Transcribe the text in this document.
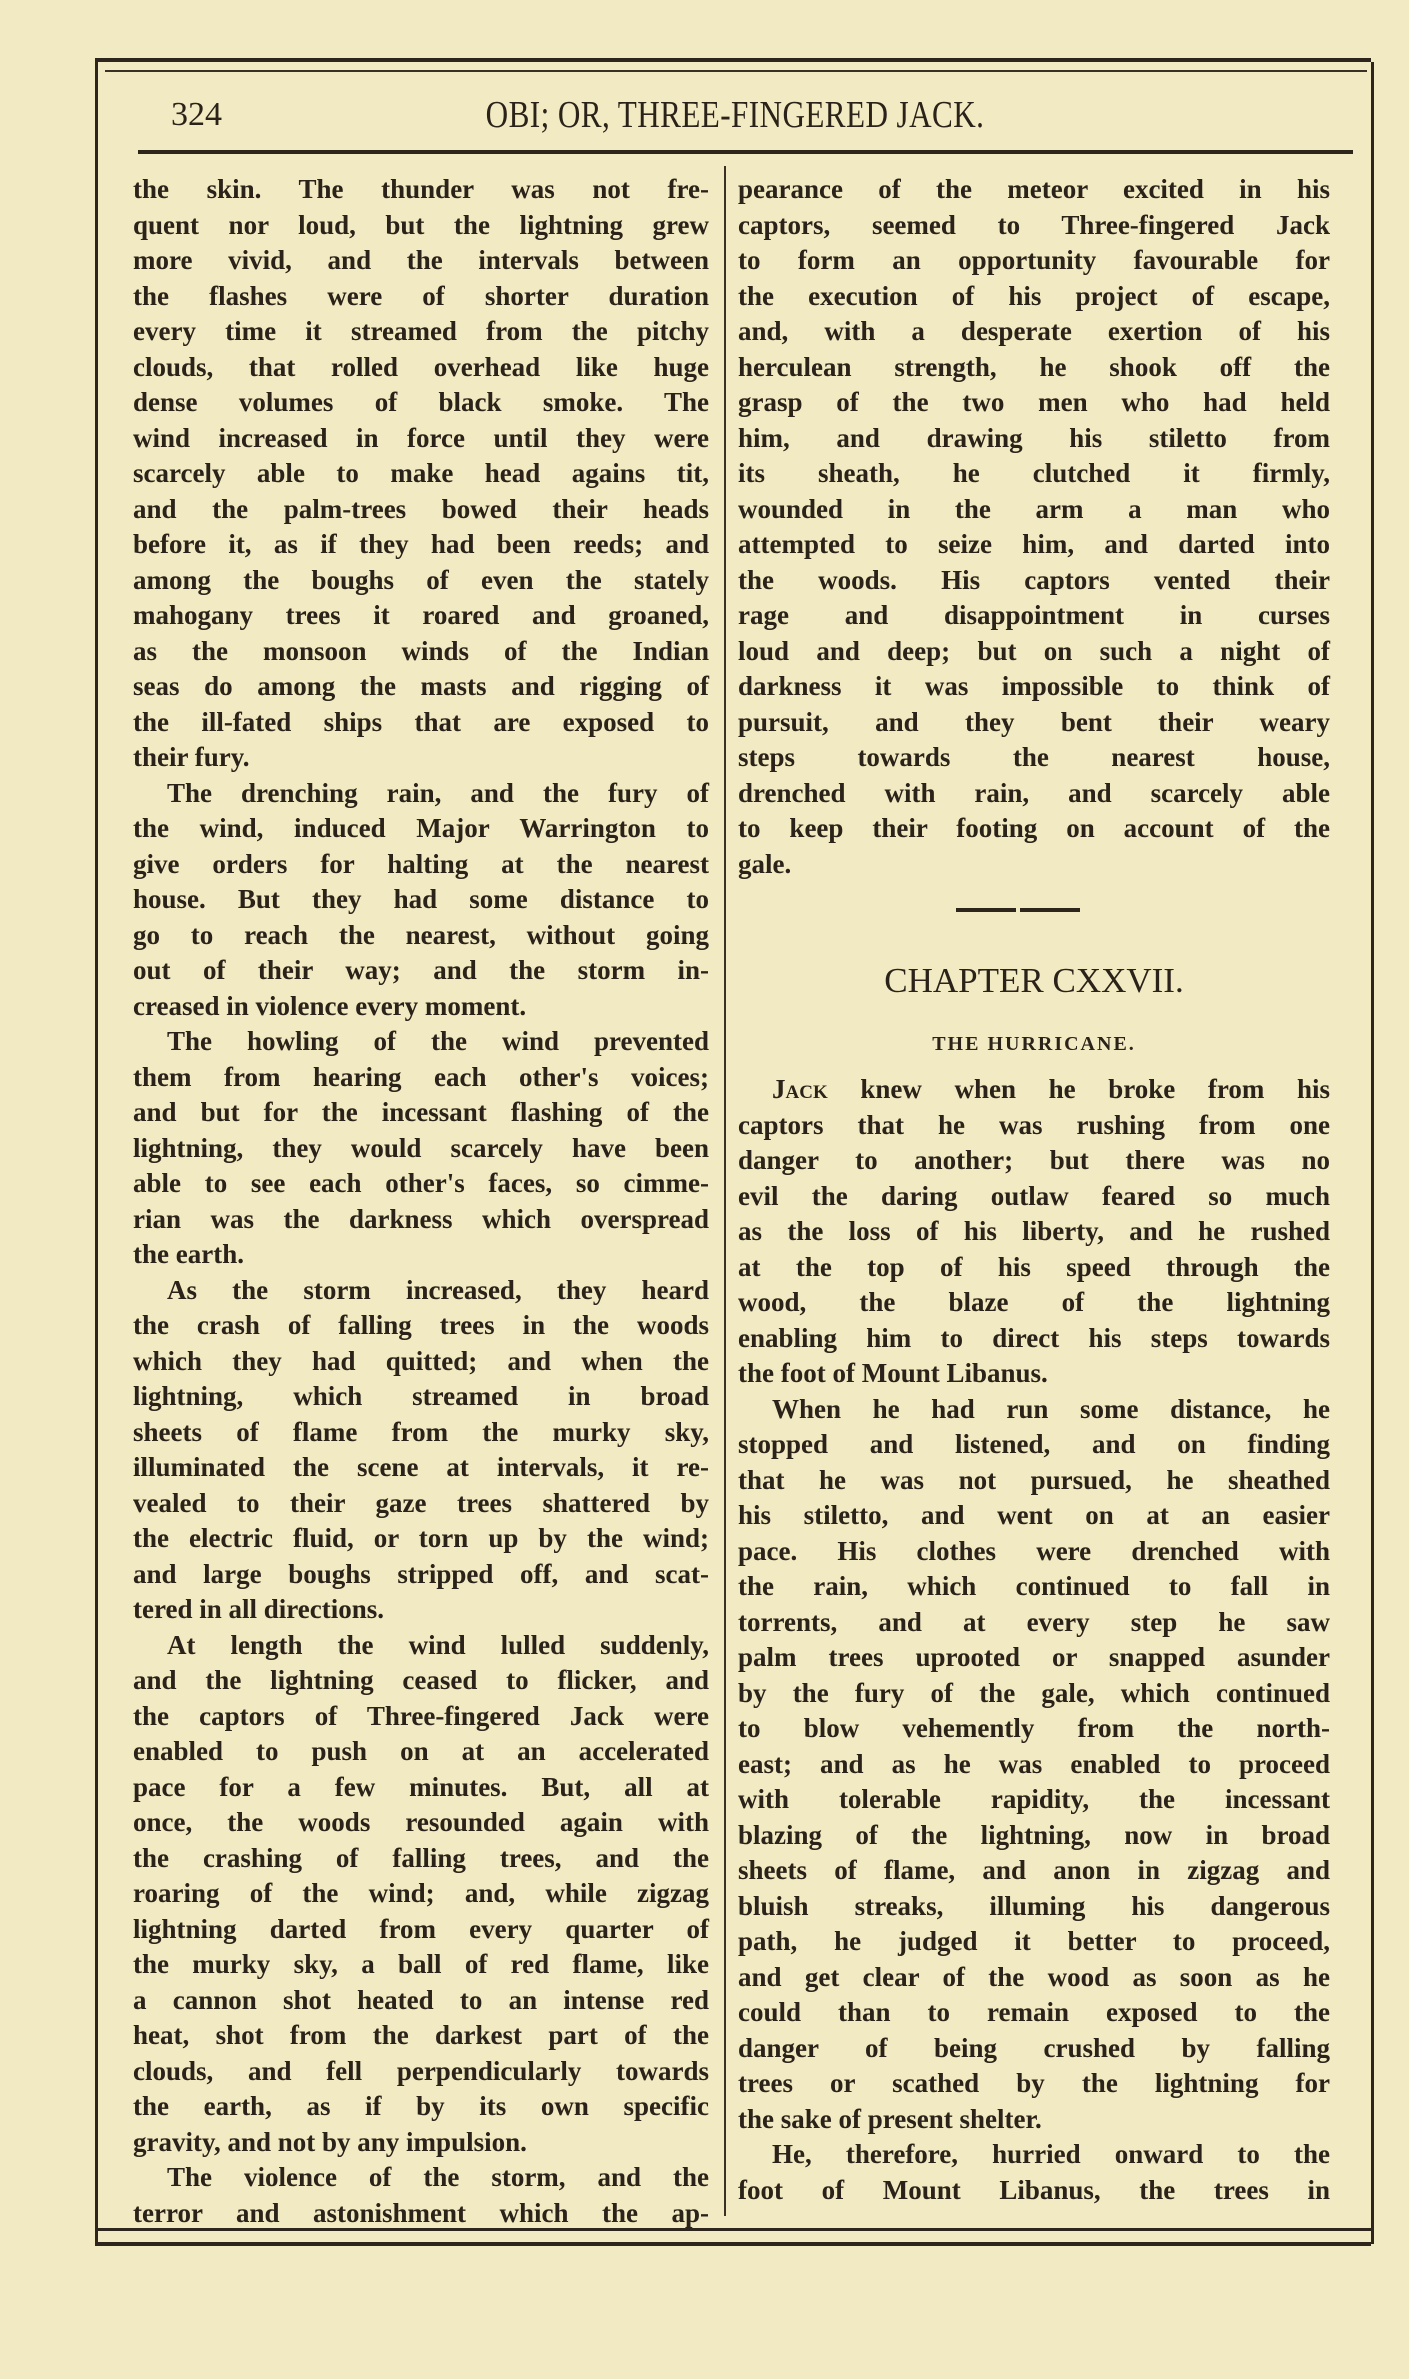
324	OBI; OR, THREE-FINGERED JACK.
the skin. The thunder was not fre-
quent nor loud, but the lightning grew
more vivid, and the intervals between
the flashes were of shorter duration
every time it streamed from the pitchy
clouds, that rolled overhead like huge
dense volumes of black smoke. The
wind increased in force until they were
scarcely able to make head agains tit,
and the palm-trees bowed their heads
before it, as if they had been reeds; and
among the boughs of even the stately
mahogany trees it roared and groaned,
as the monsoon winds of the Indian
seas do among the masts and rigging of
the ill-fated ships that are exposed to
their fury.
The drenching rain, and the fury of
the wind, induced Major Warrington to
give orders for halting at the nearest
house. But they had some distance to
go to reach the nearest, without going
out of their way; and the storm in-
creased in violence every moment.
The howling of the wind prevented
them from hearing each other's voices;
and but for the incessant flashing of the
lightning, they would scarcely have been
able to see each other's faces, so cimme-
rian was the darkness which overspread
the earth.
As the storm increased, they heard
the crash of falling trees in the woods
which they had quitted; and when the
lightning, which streamed in broad
sheets of flame from the murky sky,
illuminated the scene at intervals, it re-
vealed to their gaze trees shattered by
the electric fluid, or torn up by the wind;
and large boughs stripped off, and scat-
tered in all directions.
At length the wind lulled suddenly,
and the lightning ceased to flicker, and
the captors of Three-fingered Jack were
enabled to push on at an accelerated
pace for a few minutes. But, all at
once, the woods resounded again with
the crashing of falling trees, and the
roaring of the wind; and, while zigzag
lightning darted from every quarter of
the murky sky, a ball of red flame, like
a cannon shot heated to an intense red
heat, shot from the darkest part of the
clouds, and fell perpendicularly towards
the earth, as if by its own specific
gravity, and not by any impulsion.
The violence of the storm, and the
terror and astonishment which the ap-
pearance of the meteor excited in his
captors, seemed to Three-fingered Jack
to form an opportunity favourable for
the execution of his project of escape,
and, with a desperate exertion of his
herculean strength, he shook off the
grasp of the two men who had held
him, and drawing his stiletto from
its sheath, he clutched it firmly,
wounded in the arm a man who
attempted to seize him, and darted into
the woods. His captors vented their
rage and disappointment in curses
loud and deep; but on such a night of
darkness it was impossible to think of
pursuit, and they bent their weary
steps towards the nearest house,
drenched with rain, and scarcely able
to keep their footing on account of the
gale.
CHAPTER CXXVII.
THE HURRICANE.
Jack knew when he broke from his
captors that he was rushing from one
danger to another; but there was no
evil the daring outlaw feared so much
as the loss of his liberty, and he rushed
at the top of his speed through the
wood, the blaze of the lightning
enabling him to direct his steps towards
the foot of Mount Libanus.
When he had run some distance, he
stopped and listened, and on finding
that he was not pursued, he sheathed
his stiletto, and went on at an easier
pace. His clothes were drenched with
the rain, which continued to fall in
torrents, and at every step he saw
palm trees uprooted or snapped asunder
by the fury of the gale, which continued
to blow vehemently from the north-
east; and as he was enabled to proceed
with tolerable rapidity, the incessant
blazing of the lightning, now in broad
sheets of flame, and anon in zigzag and
bluish streaks, illuming his dangerous
path, he judged it better to proceed,
and get clear of the wood as soon as he
could than to remain exposed to the
danger of being crushed by falling
trees or scathed by the lightning for
the sake of present shelter.
He, therefore, hurried onward to the
foot of Mount Libanus, the trees in
